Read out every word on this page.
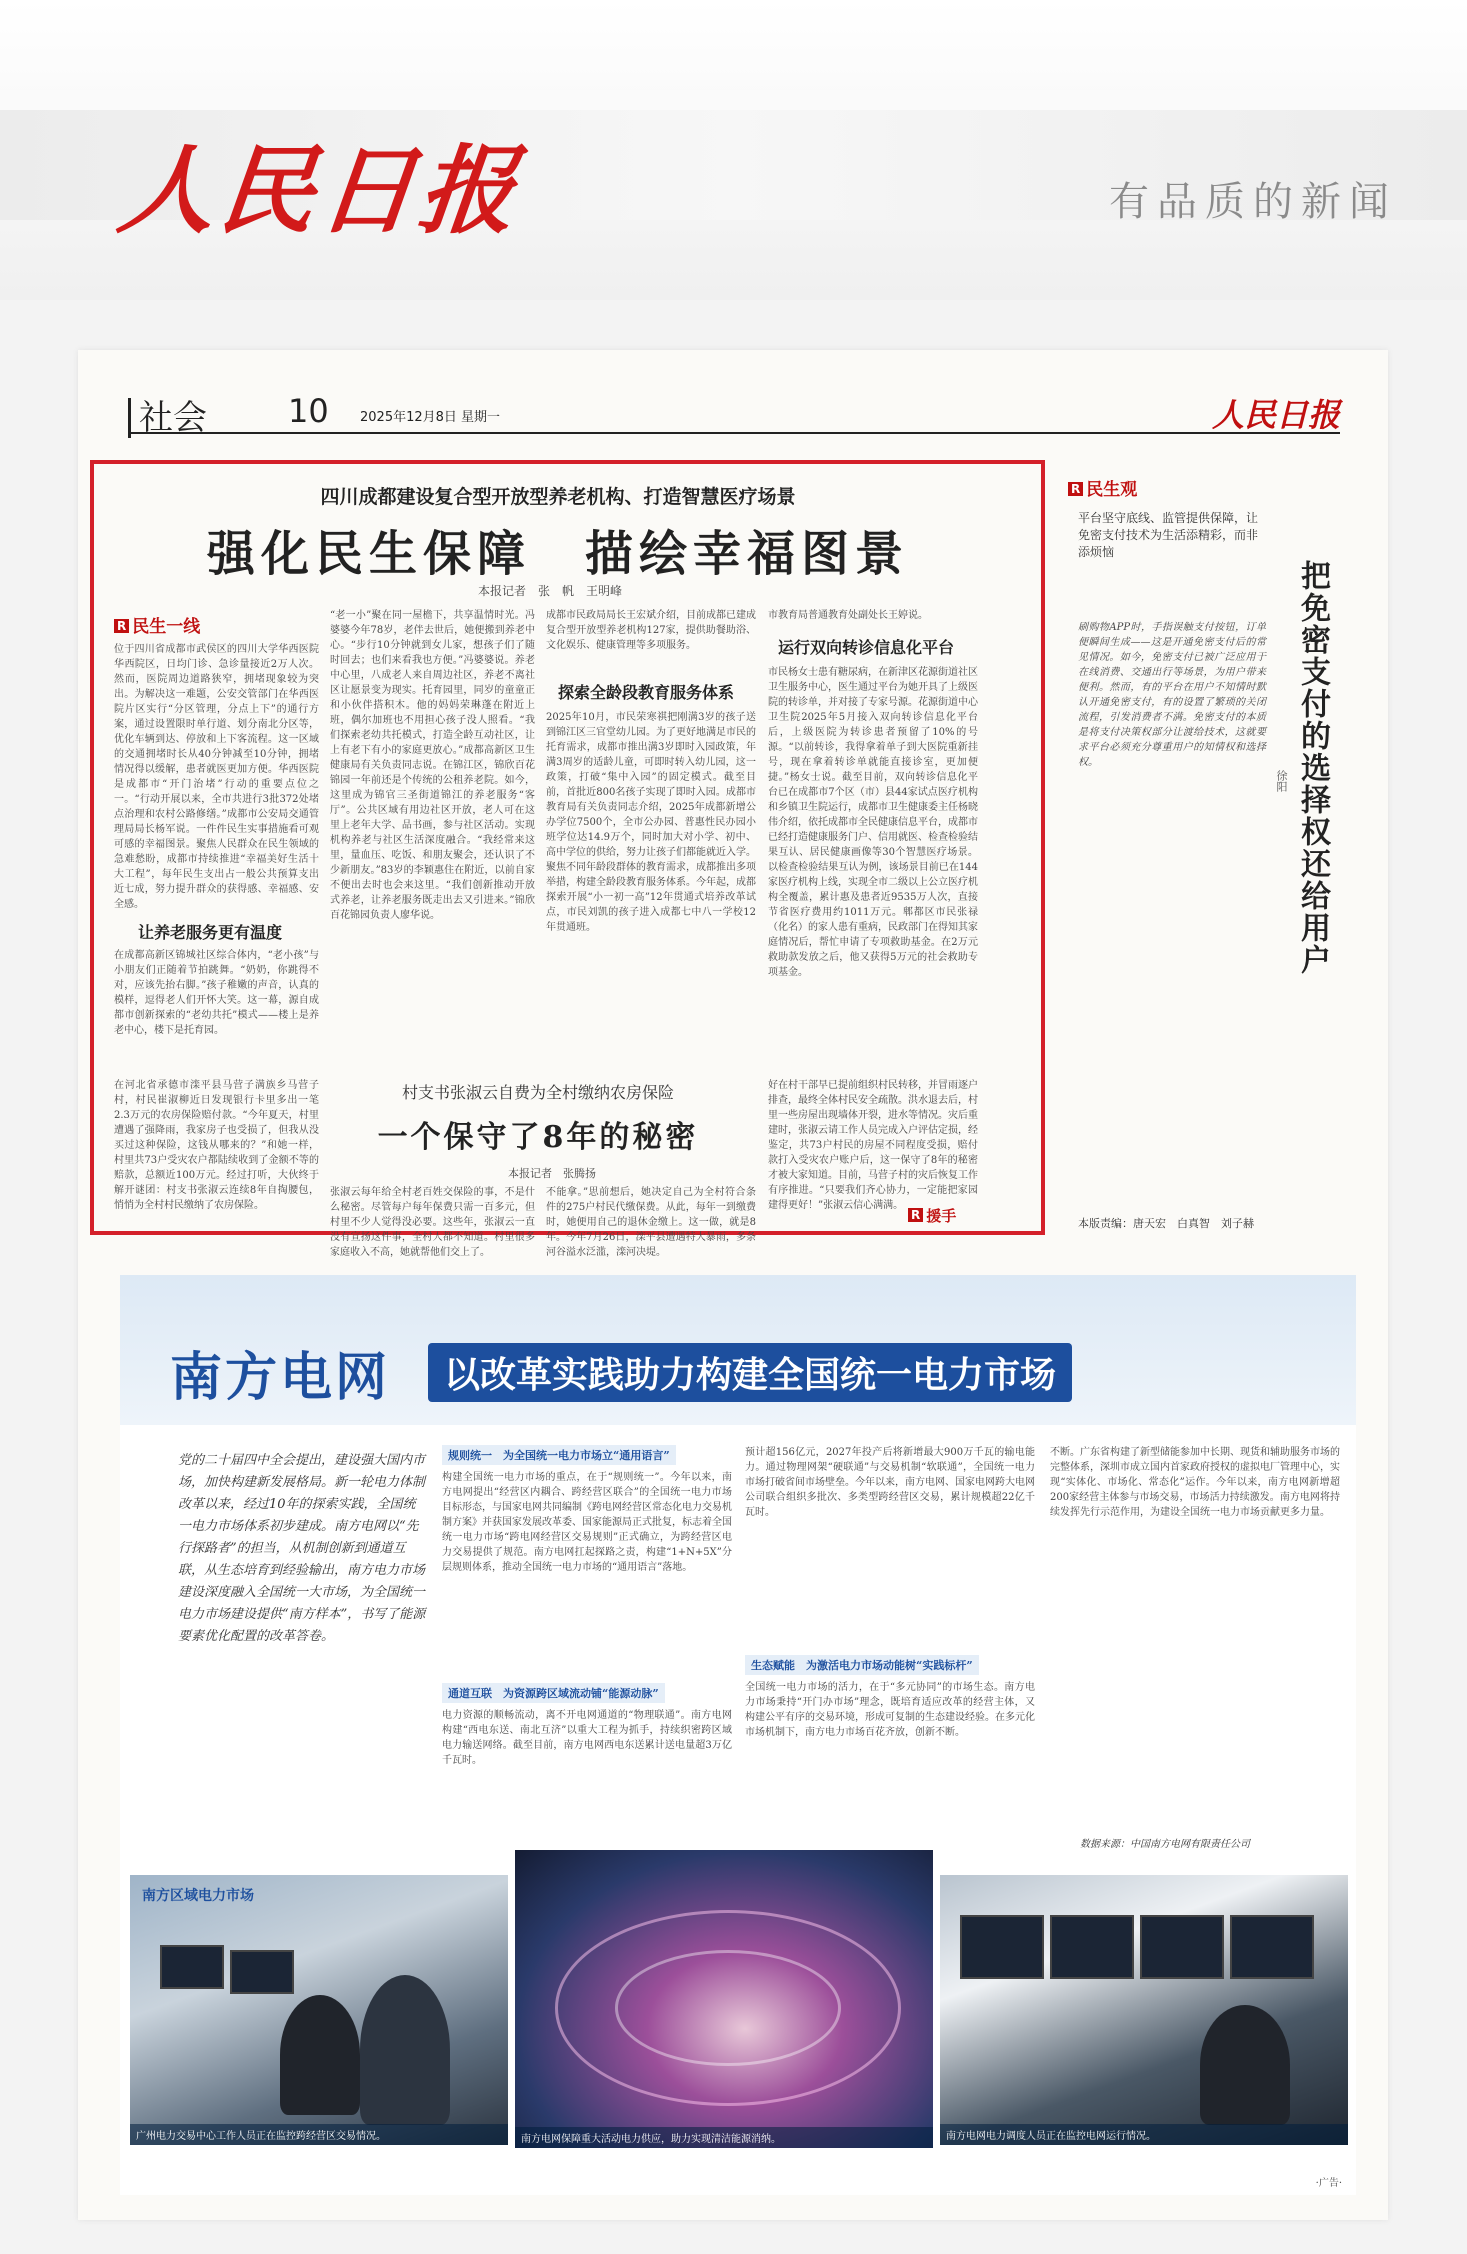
人民日报	有品质的新闻
社会	10 2025年12月8日 星期一	人民日报
四川成都建设复合型开放型养老机构、打造智慧医疗场景
强化民生保障　描绘幸福图景
本报记者　张　帆　王明峰
R 民生一线
位于四川省成都市武侯区的四川大学华西医院华西院区，日均门诊、急诊量接近2万人次。然而，医院周边道路狭窄，拥堵现象较为突出。为解决这一难题，公安交管部门在华西医院片区实行“分区管理，分点上下”的通行方案，通过设置限时单行道、划分南北分区等，优化车辆到达、停放和上下客流程。这一区域的交通拥堵时长从40分钟减至10分钟，拥堵情况得以缓解，患者就医更加方便。华西医院是成都市“开门治堵”行动的重要点位之一。“行动开展以来，全市共进行3批372处堵点治理和农村公路修缮。”成都市公安局交通管理局局长杨军说。一件件民生实事措施看可观可感的幸福图景。聚焦人民群众在民生领域的急难愁盼，成都市持续推进“幸福美好生活十大工程”，每年民生支出占一般公共预算支出近七成，努力提升群众的获得感、幸福感、安全感。
让养老服务更有温度
在成都高新区锦城社区综合体内，“老小孩”与小朋友们正随着节拍跳舞。“奶奶，你跳得不对，应该先抬右脚。”孩子稚嫩的声音，认真的模样，逗得老人们开怀大笑。这一幕，源自成都市创新探索的“老幼共托”模式——楼上是养老中心，楼下是托育园。
“老一小”聚在同一屋檐下，共享温情时光。冯婆婆今年78岁，老伴去世后，她便搬到养老中心。“步行10分钟就到女儿家，想孩子们了随时回去；也们来看我也方便。”冯婆婆说。养老中心里，八成老人来自周边社区，养老不离社区让愿景变为现实。托育园里，同岁的童童正和小伙伴搭积木。他的妈妈荣琳蓬在附近上班，偶尔加班也不用担心孩子没人照看。“我们探索老幼共托模式，打造全龄互动社区，让上有老下有小的家庭更放心。”成都高新区卫生健康局有关负责同志说。在锦江区，锦欣百花锦园一年前还是个传统的公租养老院。如今，这里成为锦官三圣街道锦江的养老服务“客厅”。公共区域有用边社区开放，老人可在这里上老年大学、品书画，参与社区活动。实现机构养老与社区生活深度融合。“我经常来这里，量血压、吃饭、和朋友聚会，还认识了不少新朋友。”83岁的李颖惠住在附近，以前自家不便出去时也会来这里。“我们创新推动开放式养老，让养老服务既走出去又引进来。”锦欣百花锦园负责人廖华说。
成都市民政局局长王宏斌介绍，目前成都已建成复合型开放型养老机构127家，提供助餐助浴、文化娱乐、健康管理等多项服务。
探索全龄段教育服务体系
2025年10月，市民荣寒祺把刚满3岁的孩子送到锦江区三官堂幼儿园。为了更好地满足市民的托育需求，成都市推出满3岁即时入园政策，年满3周岁的适龄儿童，可即时转入幼儿园，这一政策，打破“集中入园”的固定模式。截至目前，首批近800名孩子实现了即时入园。成都市教育局有关负责同志介绍，2025年成都新增公办学位7500个，全市公办园、普惠性民办园小班学位达14.9万个，同时加大对小学、初中、高中学位的供给，努力让孩子们都能就近入学。聚焦不同年龄段群体的教育需求，成都推出多项举措，构建全龄段教育服务体系。今年起，成都探索开展“小一初一高”12年贯通式培养改革试点，市民刘凯的孩子进入成都七中八一学校12年贯通班。
市教育局普通教育处副处长王婷说。
运行双向转诊信息化平台
市民杨女士患有糖尿病，在新津区花源街道社区卫生服务中心，医生通过平台为她开具了上级医院的转诊单，并对接了专家号源。花源街道中心卫生院2025年5月接入双向转诊信息化平台后，上级医院为转诊患者预留了10%的号源。“以前转诊，我得拿着单子到大医院重新挂号，现在拿着转诊单就能直接诊室，更加便捷。”杨女士说。截至目前，双向转诊信息化平台已在成都市7个区（市）县44家试点医疗机构和乡镇卫生院运行，成都市卫生健康委主任杨晓伟介绍，依托成都市全民健康信息平台，成都市已经打造健康服务门户、信用就医、检查检验结果互认、居民健康画像等30个智慧医疗场景。以检查检验结果互认为例，该场景目前已在144家医疗机构上线，实现全市二级以上公立医疗机构全覆盖，累计惠及患者近9535万人次，直接节省医疗费用约1011万元。郫都区市民张禄（化名）的家人患有重病，民政部门在得知其家庭情况后，帮忙申请了专项救助基金。在2万元救助款发放之后，他又获得5万元的社会救助专项基金。
在河北省承德市滦平县马营子满族乡马营子村，村民崔淑柳近日发现银行卡里多出一笔2.3万元的农房保险赔付款。“今年夏天，村里遭遇了强降雨，我家房子也受损了，但我从没买过这种保险，这钱从哪来的？”和她一样，村里共73户受灾农户都陆续收到了金额不等的赔款，总额近100万元。经过打听，大伙终于解开谜团：村支书张淑云连续8年自掏腰包，悄悄为全村村民缴纳了农房保险。
村支书张淑云自费为全村缴纳农房保险
一个保守了8年的秘密
本报记者　张腾扬
张淑云每年给全村老百姓交保险的事，不是什么秘密。尽管每户每年保费只需一百多元，但村里不少人觉得没必要。这些年，张淑云一直没有宣扬这件事，全村人都不知道。村里很多家庭收入不高，她就帮他们交上了。
不能拿。”思前想后，她决定自己为全村符合条件的275户村民代缴保费。从此，每年一到缴费时，她便用自己的退休金缴上。这一做，就是8年。今年7月26日，滦平县遭遇特大暴雨，多条河谷溢水泛滥，滦河决堤。
好在村干部早已提前组织村民转移，并冒雨逐户排查，最终全体村民安全疏散。洪水退去后，村里一些房屋出现墙体开裂，进水等情况。灾后重建时，张淑云请工作人员完成入户评估定损，经鉴定，共73户村民的房屋不同程度受损，赔付款打入受灾农户账户后，这一保守了8年的秘密才被大家知道。目前，马营子村的灾后恢复工作有序推进。“只要我们齐心协力，一定能把家园建得更好！”张淑云信心满满。
R 援手
R 民生观
平台坚守底线、监管提供保障，让免密支付技术为生活添精彩，而非添烦恼
把免密支付的选择权还给用户
徐阳
刷购物APP时，手指误触支付按钮，订单便瞬间生成——这是开通免密支付后的常见情况。如今，免密支付已被广泛应用于在线消费、交通出行等场景，为用户带来便利。然而，有的平台在用户不知情时默认开通免密支付，有的设置了繁琐的关闭流程，引发消费者不满。免密支付的本质是将支付决策权部分让渡给技术，这就要求平台必须充分尊重用户的知情权和选择权。
本版责编：唐天宏　白真智　刘子赫
南方电网	以改革实践助力构建全国统一电力市场
党的二十届四中全会提出，建设强大国内市场，加快构建新发展格局。新一轮电力体制改革以来，经过10年的探索实践，全国统一电力市场体系初步建成。南方电网以“先行探路者”的担当，从机制创新到通道互联，从生态培育到经验输出，南方电力市场建设深度融入全国统一大市场，为全国统一电力市场建设提供“南方样本”，书写了能源要素优化配置的改革答卷。
规则统一　为全国统一电力市场立“通用语言”
构建全国统一电力市场的重点，在于“规则统一”。今年以来，南方电网提出“经营区内耦合、跨经营区联合”的全国统一电力市场目标形态，与国家电网共同编制《跨电网经营区常态化电力交易机制方案》并获国家发展改革委、国家能源局正式批复，标志着全国统一电力市场“跨电网经营区交易规则”正式确立，为跨经营区电力交易提供了规范。南方电网扛起探路之责，构建“1+N+5X”分层规则体系，推动全国统一电力市场的“通用语言”落地。
通道互联　为资源跨区域流动铺“能源动脉”
电力资源的顺畅流动，离不开电网通道的“物理联通”。南方电网构建“西电东送、南北互济”以重大工程为抓手，持续织密跨区域电力输送网络。截至目前，南方电网西电东送累计送电量超3万亿千瓦时。
预计超156亿元，2027年投产后将新增最大900万千瓦的输电能力。通过物理网架“硬联通”与交易机制“软联通”，全国统一电力市场打破省间市场壁垒。今年以来，南方电网、国家电网跨大电网公司联合组织多批次、多类型跨经营区交易，累计规模超22亿千瓦时。
生态赋能　为激活电力市场动能树“实践标杆”
全国统一电力市场的活力，在于“多元协同”的市场生态。南方电力市场秉持“开门办市场”理念，既培育适应改革的经营主体，又构建公平有序的交易环境，形成可复制的生态建设经验。在多元化市场机制下，南方电力市场百花齐放，创新不断。
不断。广东省构建了新型储能参加中长期、现货和辅助服务市场的完整体系，深圳市成立国内首家政府授权的虚拟电厂管理中心，实现“实体化、市场化、常态化”运作。今年以来，南方电网新增超200家经营主体参与市场交易，市场活力持续激发。南方电网将持续发挥先行示范作用，为建设全国统一电力市场贡献更多力量。
数据来源：中国南方电网有限责任公司
南方区域电力市场
广州电力交易中心工作人员正在监控跨经营区交易情况。	南方电网保障重大活动电力供应，助力实现清洁能源消纳。	南方电网电力调度人员正在监控电网运行情况。
·广告·
